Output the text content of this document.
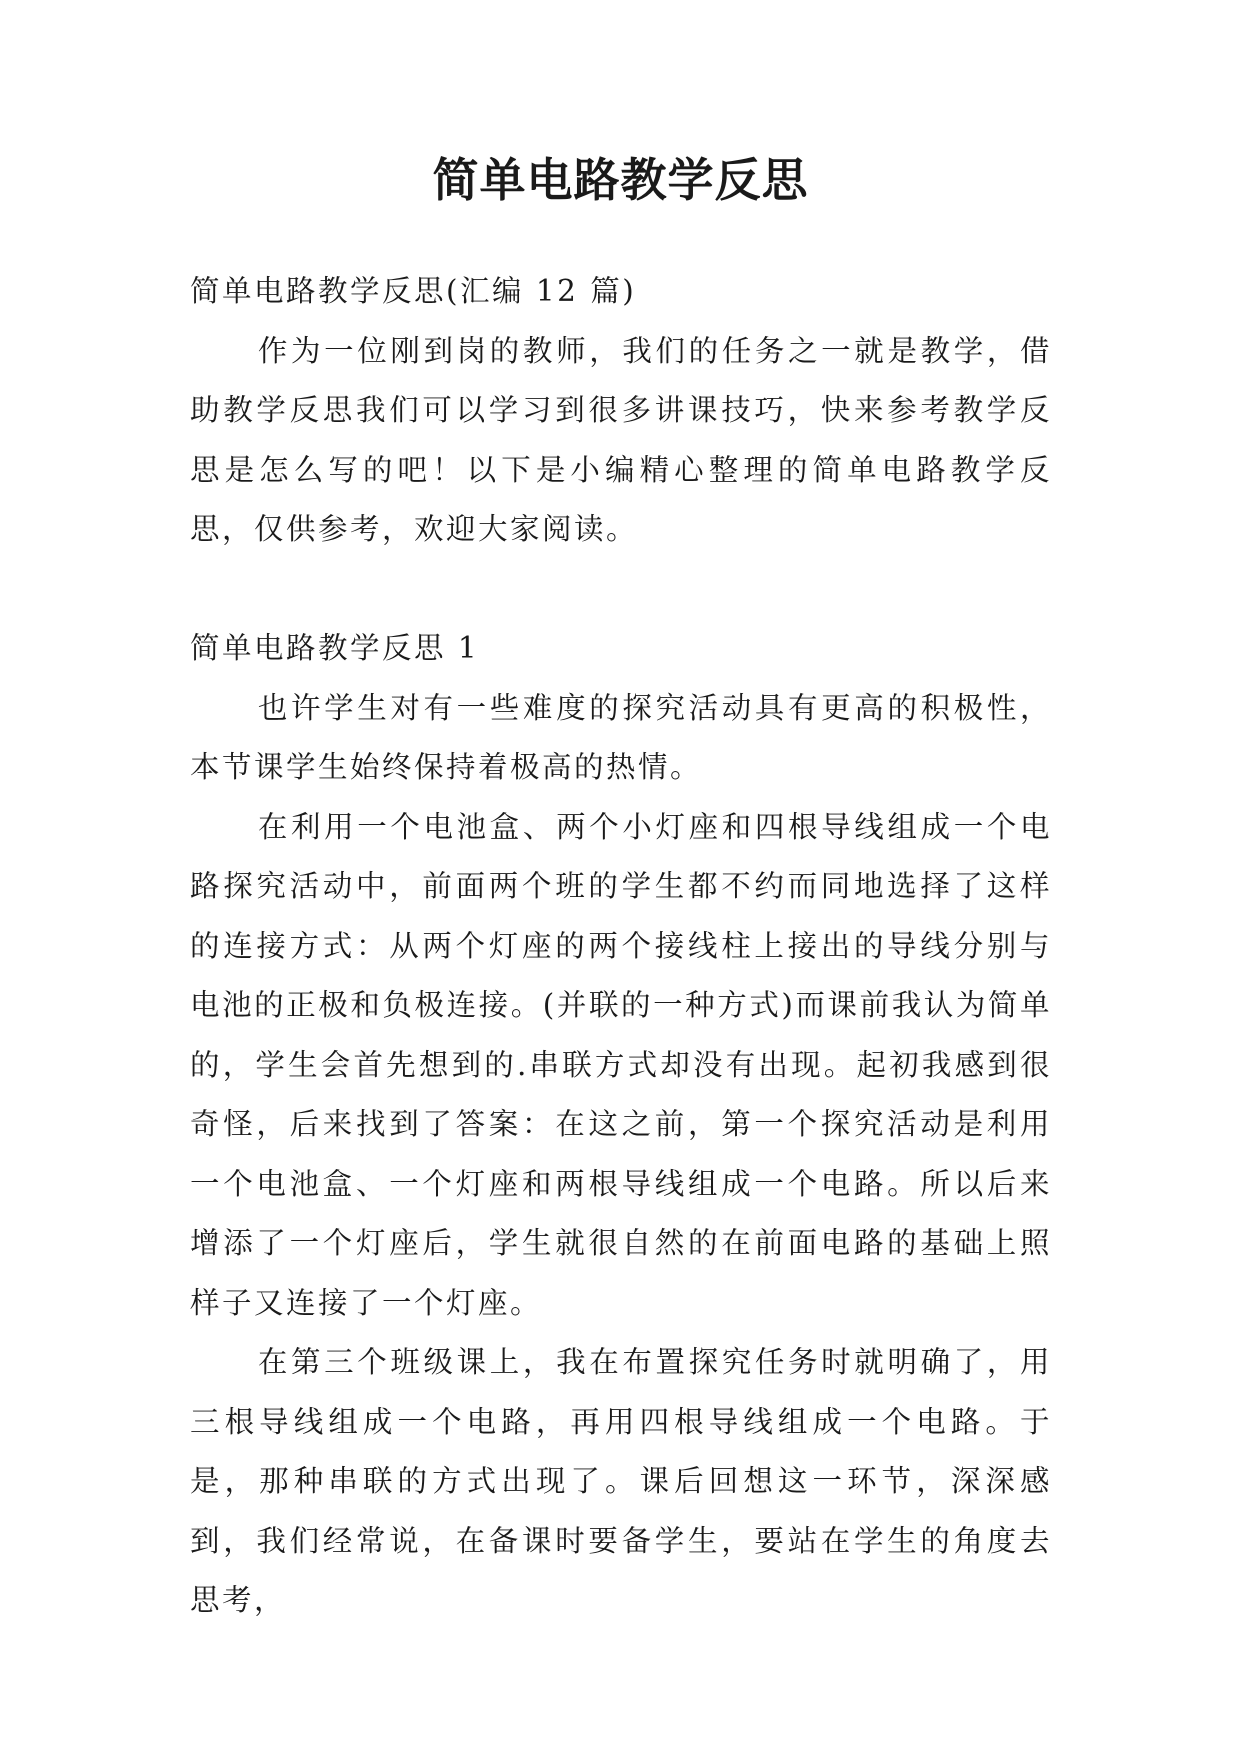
简单电路教学反思

简单电路教学反思(汇编 12 篇)

作为一位刚到岗的教师，我们的任务之一就是教学，借助教学反思我们可以学习到很多讲课技巧，快来参考教学反思是怎么写的吧！以下是小编精心整理的简单电路教学反思，仅供参考，欢迎大家阅读。

简单电路教学反思 1

也许学生对有一些难度的探究活动具有更高的积极性，本节课学生始终保持着极高的热情。

在利用一个电池盒、两个小灯座和四根导线组成一个电路探究活动中，前面两个班的学生都不约而同地选择了这样的连接方式：从两个灯座的两个接线柱上接出的导线分别与电池的正极和负极连接。(并联的一种方式)而课前我认为简单的，学生会首先想到的.串联方式却没有出现。起初我感到很奇怪，后来找到了答案：在这之前，第一个探究活动是利用一个电池盒、一个灯座和两根导线组成一个电路。所以后来增添了一个灯座后，学生就很自然的在前面电路的基础上照样子又连接了一个灯座。

在第三个班级课上，我在布置探究任务时就明确了，用三根导线组成一个电路，再用四根导线组成一个电路。于是，那种串联的方式出现了。课后回想这一环节，深深感到，我们经常说，在备课时要备学生，要站在学生的角度去思考，
